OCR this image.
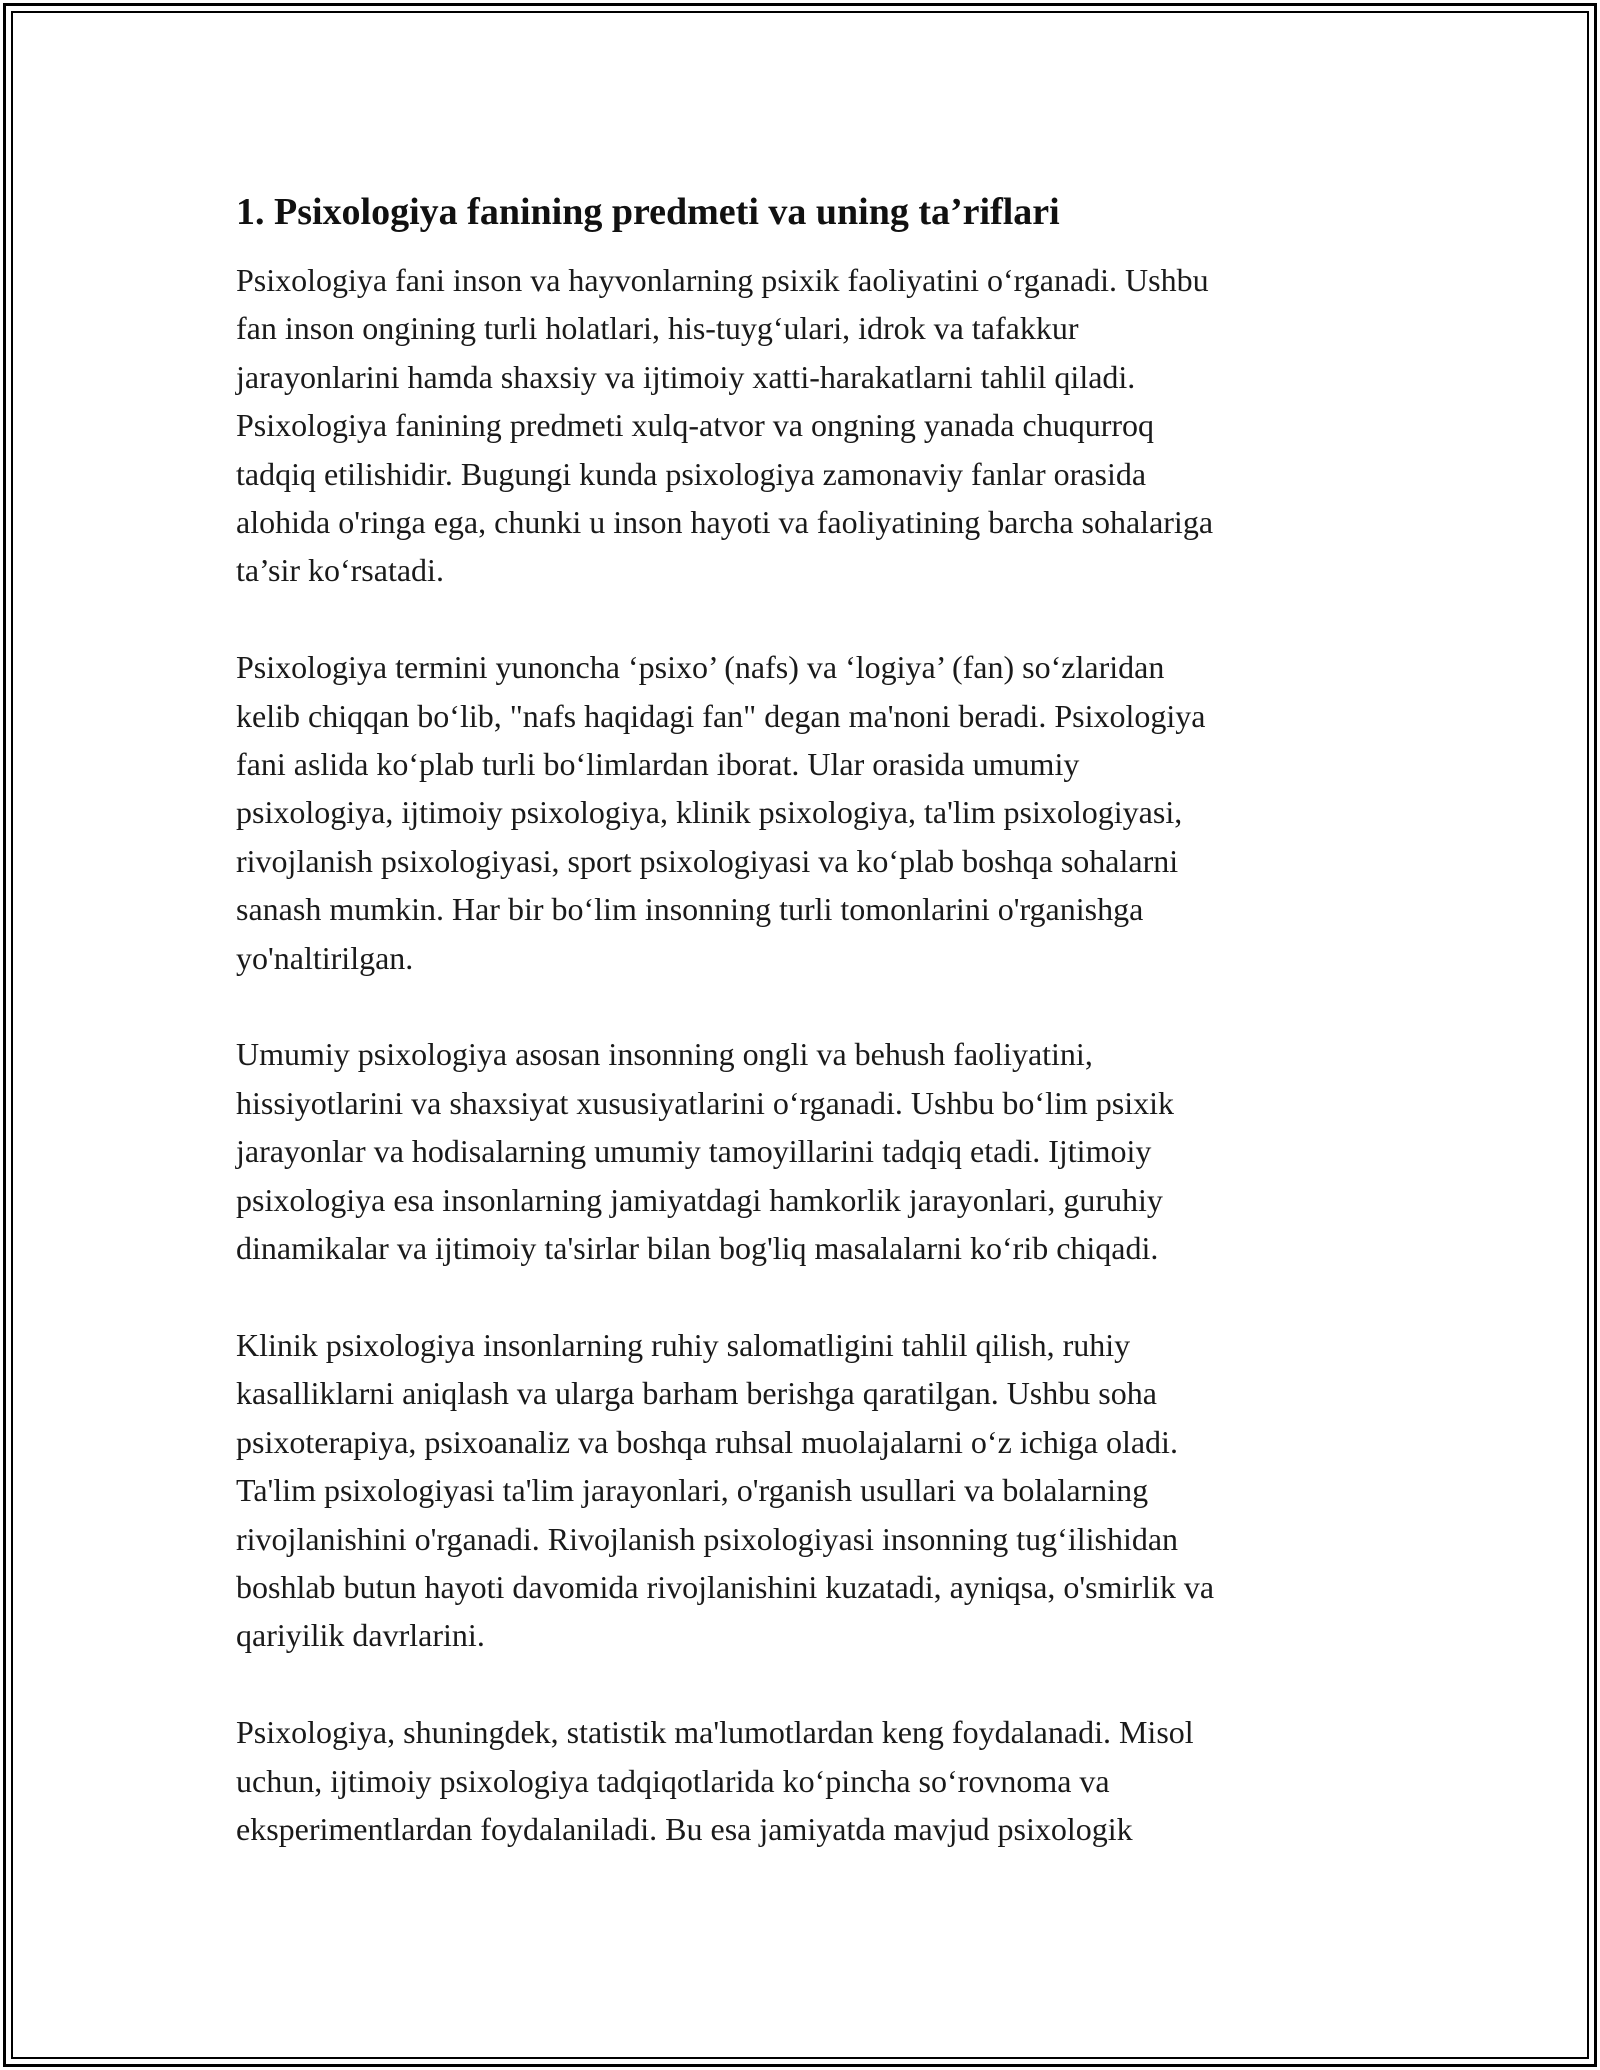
1. Psixologiya fanining predmeti va uning ta’riflari

Psixologiya fani inson va hayvonlarning psixik faoliyatini o‘rganadi. Ushbu
fan inson ongining turli holatlari, his-tuyg‘ulari, idrok va tafakkur
jarayonlarini hamda shaxsiy va ijtimoiy xatti-harakatlarni tahlil qiladi.
Psixologiya fanining predmeti xulq-atvor va ongning yanada chuqurroq
tadqiq etilishidir. Bugungi kunda psixologiya zamonaviy fanlar orasida
alohida o'ringa ega, chunki u inson hayoti va faoliyatining barcha sohalariga
ta’sir ko‘rsatadi.

Psixologiya termini yunoncha ‘psixo’ (nafs) va ‘logiya’ (fan) so‘zlaridan
kelib chiqqan bo‘lib, "nafs haqidagi fan" degan ma'noni beradi. Psixologiya
fani aslida ko‘plab turli bo‘limlardan iborat. Ular orasida umumiy
psixologiya, ijtimoiy psixologiya, klinik psixologiya, ta'lim psixologiyasi,
rivojlanish psixologiyasi, sport psixologiyasi va ko‘plab boshqa sohalarni
sanash mumkin. Har bir bo‘lim insonning turli tomonlarini o'rganishga
yo'naltirilgan.

Umumiy psixologiya asosan insonning ongli va behush faoliyatini,
hissiyotlarini va shaxsiyat xususiyatlarini o‘rganadi. Ushbu bo‘lim psixik
jarayonlar va hodisalarning umumiy tamoyillarini tadqiq etadi. Ijtimoiy
psixologiya esa insonlarning jamiyatdagi hamkorlik jarayonlari, guruhiy
dinamikalar va ijtimoiy ta'sirlar bilan bog'liq masalalarni ko‘rib chiqadi.

Klinik psixologiya insonlarning ruhiy salomatligini tahlil qilish, ruhiy
kasalliklarni aniqlash va ularga barham berishga qaratilgan. Ushbu soha
psixoterapiya, psixoanaliz va boshqa ruhsal muolajalarni o‘z ichiga oladi.
Ta'lim psixologiyasi ta'lim jarayonlari, o'rganish usullari va bolalarning
rivojlanishini o'rganadi. Rivojlanish psixologiyasi insonning tug‘ilishidan
boshlab butun hayoti davomida rivojlanishini kuzatadi, ayniqsa, o'smirlik va
qariyilik davrlarini.

Psixologiya, shuningdek, statistik ma'lumotlardan keng foydalanadi. Misol
uchun, ijtimoiy psixologiya tadqiqotlarida ko‘pincha so‘rovnoma va
eksperimentlardan foydalaniladi. Bu esa jamiyatda mavjud psixologik
